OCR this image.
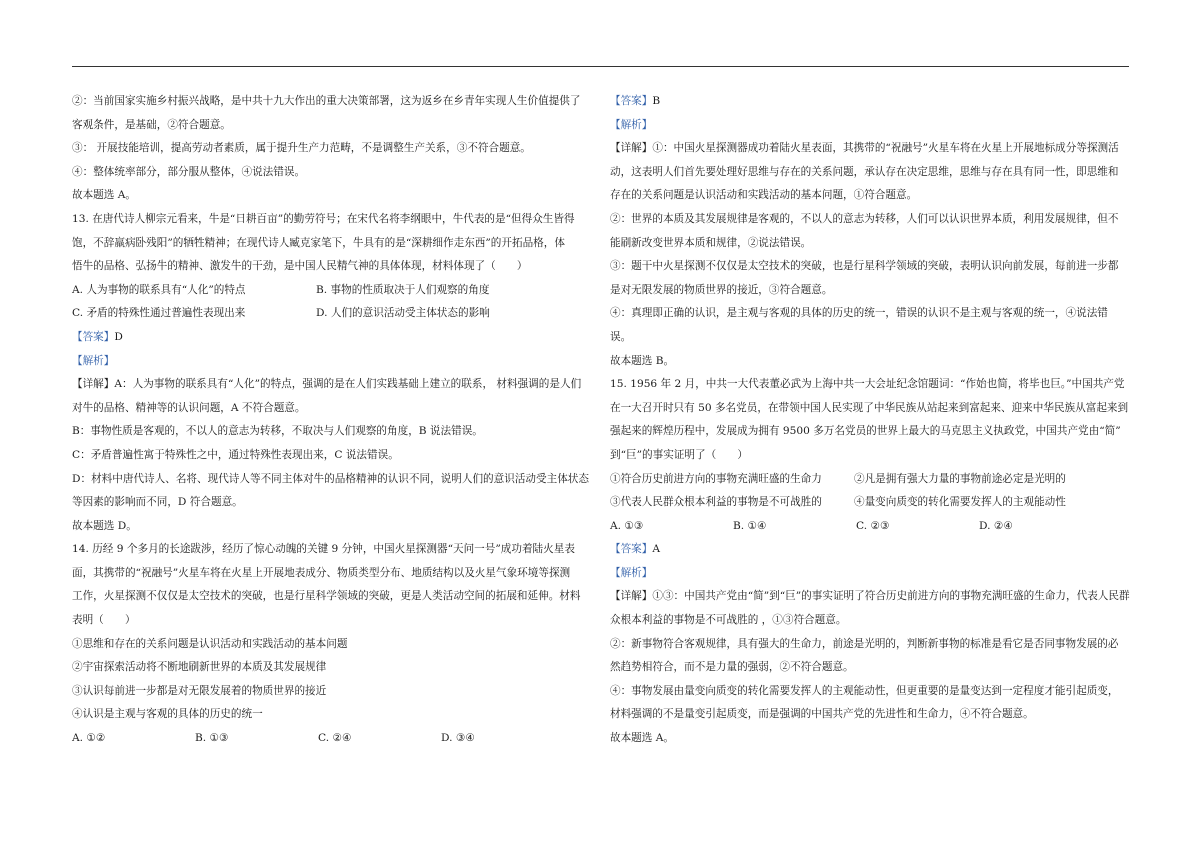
②：当前国家实施乡村振兴战略，是中共十九大作出的重大决策部署，这为返乡在乡青年实现人生价值提供了
客观条件，是基础，②符合题意。
③： 开展技能培训，提高劳动者素质，属于提升生产力范畴，不是调整生产关系，③不符合题意。
④：整体统率部分，部分服从整体，④说法错误。
故本题选 A。
13. 在唐代诗人柳宗元看来，牛是“日耕百亩”的勤劳符号；在宋代名将李纲眼中，牛代表的是“但得众生皆得
饱，不辞羸病卧残阳”的牺牲精神；在现代诗人臧克家笔下，牛具有的是“深耕细作走东西”的开拓品格，体
悟牛的品格、弘扬牛的精神、激发牛的干劲，是中国人民精气神的具体体现，材料体现了（　　）
A. 人为事物的联系具有“人化”的特点	B. 事物的性质取决于人们观察的角度
C. 矛盾的特殊性通过普遍性表现出来	D. 人们的意识活动受主体状态的影响
【答案】D
【解析】
【详解】A：人为事物的联系具有“人化”的特点，强调的是在人们实践基础上建立的联系， 材料强调的是人们
对牛的品格、精神等的认识问题，A 不符合题意。
B：事物性质是客观的，不以人的意志为转移，不取决与人们观察的角度，B 说法错误。
C：矛盾普遍性寓于特殊性之中，通过特殊性表现出来，C 说法错误。
D：材料中唐代诗人、名将、现代诗人等不同主体对牛的品格精神的认识不同，说明人们的意识活动受主体状态
等因素的影响而不同，D 符合题意。
故本题选 D。
14. 历经 9 个多月的长途跋涉，经历了惊心动魄的关键 9 分钟，中国火星探测器“天问一号”成功着陆火星表
面，其携带的“祝融号”火星车将在火星上开展地表成分、物质类型分布、地质结构以及火星气象环境等探测
工作，火星探测不仅仅是太空技术的突破，也是行星科学领域的突破，更是人类活动空间的拓展和延伸。材料
表明（　　）
①思维和存在的关系问题是认识活动和实践活动的基本问题
②宇宙探索活动将不断地刷新世界的本质及其发展规律
③认识每前进一步都是对无限发展着的物质世界的接近
④认识是主观与客观的具体的历史的统一
A. ①②	B. ①③	C. ②④	D. ③④
【答案】B
【解析】
【详解】①：中国火星探测器成功着陆火星表面，其携带的“祝融号”火星车将在火星上开展地标成分等探测活
动，这表明人们首先要处理好思维与存在的关系问题，承认存在决定思维，思维与存在具有同一性，即思维和
存在的关系问题是认识活动和实践活动的基本问题，①符合题意。
②：世界的本质及其发展规律是客观的，不以人的意志为转移，人们可以认识世界本质，利用发展规律，但不
能刷新改变世界本质和规律，②说法错误。
③：题干中火星探测不仅仅是太空技术的突破，也是行星科学领域的突破，表明认识向前发展，每前进一步都
是对无限发展的物质世界的接近，③符合题意。
④：真理即正确的认识，是主观与客观的具体的历史的统一，错误的认识不是主观与客观的统一，④说法错
误。
故本题选 B。
15. 1956 年 2 月，中共一大代表董必武为上海中共一大会址纪念馆题词：“作始也简，将毕也巨。”中国共产党
在一大召开时只有 50 多名党员，在带领中国人民实现了中华民族从站起来到富起来、迎来中华民族从富起来到
强起来的辉煌历程中，发展成为拥有 9500 多万名党员的世界上最大的马克思主义执政党，中国共产党由“简”
到“巨”的事实证明了（　　）
①符合历史前进方向的事物充满旺盛的生命力	②凡是拥有强大力量的事物前途必定是光明的
③代表人民群众根本利益的事物是不可战胜的	④量变向质变的转化需要发挥人的主观能动性
A. ①③	B. ①④	C. ②③	D. ②④
【答案】A
【解析】
【详解】①③：中国共产党由“简”到“巨”的事实证明了符合历史前进方向的事物充满旺盛的生命力，代表人民群
众根本利益的事物是不可战胜的 ，①③符合题意。
②：新事物符合客观规律，具有强大的生命力，前途是光明的，判断新事物的标准是看它是否同事物发展的必
然趋势相符合，而不是力量的强弱，②不符合题意。
④：事物发展由量变向质变的转化需要发挥人的主观能动性，但更重要的是量变达到一定程度才能引起质变，
材料强调的不是量变引起质变，而是强调的中国共产党的先进性和生命力，④不符合题意。
故本题选 A。
